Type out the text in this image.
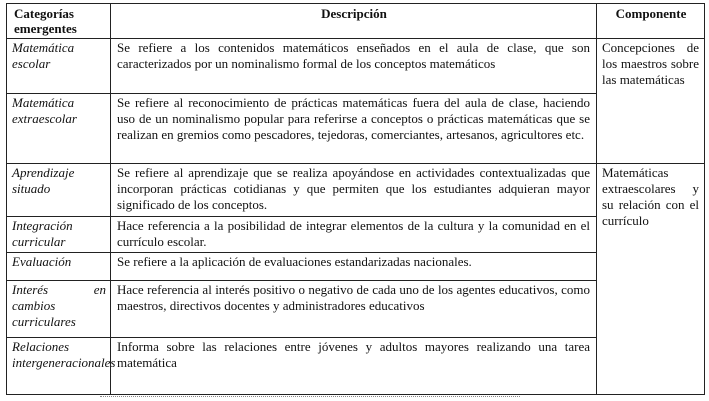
Categorías emergentes	Descripción	Componente
Matemática escolar	Se refiere a los contenidos matemáticos enseñados en el aula de clase, que son caracterizados por un nominalismo formal de los conceptos matemáticos	Concepciones de los maestros sobre las matemáticas
Matemática extraescolar	Se refiere al reconocimiento de prácticas matemáticas fuera del aula de clase, haciendo uso de un nominalismo popular para referirse a conceptos o prácticas matemáticas que se realizan en gremios como pescadores, tejedoras, comerciantes, artesanos, agricultores etc.	
Aprendizaje situado	Se refiere al aprendizaje que se realiza apoyándose en actividades contextualizadas que incorporan prácticas cotidianas y que permiten que los estudiantes adquieran mayor significado de los conceptos.	Matemáticas extraescolares y su relación con el currículo
Integración curricular	Hace referencia a la posibilidad de integrar elementos de la cultura y la comunidad en el currículo escolar.	
Evaluación	Se refiere a la aplicación de evaluaciones estandarizadas nacionales.	
Interés en cambios curriculares	Hace referencia al interés positivo o negativo de cada uno de los agentes educativos, como maestros, directivos docentes y administradores educativos	
Relaciones intergeneracionales	Informa sobre las relaciones entre jóvenes y adultos mayores realizando una tarea matemática	
